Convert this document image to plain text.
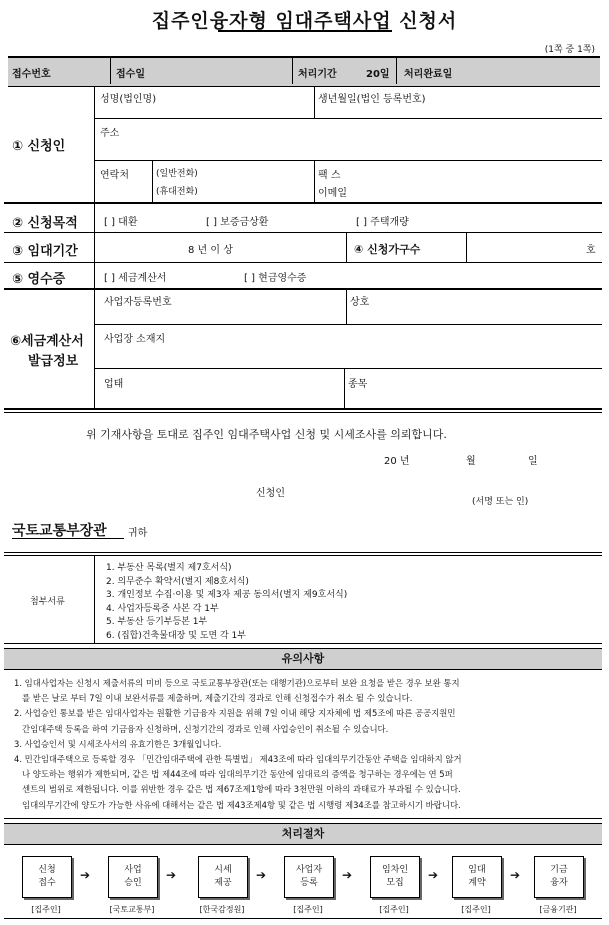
집주인융자형 임대주택사업 신청서
(1쪽 중 1쪽)
접수번호	접수일	처리기간	20일 처리완료일
① 신청인
성명(법인명)	생년월일(법인 등록번호)
주소
연락처	(일반전화)
(휴대전화)
팩 스
이메일
② 신청목적	[ ] 대환	[ ] 보증금상환	[ ] 주택개량
③ 임대기간	8 년 이 상	④ 신청가구수	호
⑤ 영수증	[ ] 세금계산서	[ ] 현금영수증
⑥세금계산서
발급정보
사업자등록번호	상호
사업장 소재지
업태	종목
위 기재사항을 토대로 집주인 임대주택사업 신청 및 시세조사를 의뢰합니다.
20 년	월	일
신청인
(서명 또는 인)
국토교통부장관 귀하
첨부서류
1. 부동산 목록(별지 제7호서식)
2. 의무준수 확약서(별지 제8호서식)
3. 개인정보 수집·이용 및 제3자 제공 동의서(별지 제9호서식)
4. 사업자등록증 사본 각 1부
5. 부동산 등기부등본 1부
6. (집합)건축물대장 및 도면 각 1부
유의사항
1. 임대사업자는 신청시 제출서류의 미비 등으로 국토교통부장관(또는 대행기관)으로부터 보완 요청을 받은 경우 보완 통지
를 받은 날로 부터 7일 이내 보완서류를 제출하며, 제출기간의 경과로 인해 신청접수가 취소 될 수 있습니다.
2. 사업승인 통보를 받은 임대사업자는 원활한 기금융자 지원을 위해 7일 이내 해당 지자체에 법 제5조에 따른 공공지원민
간임대주택 등록을 하여 기금융자 신청하며, 신청기간의 경과로 인해 사업승인이 취소될 수 있습니다.
3. 사업승인서 및 시세조사서의 유효기한은 3개월입니다.
4. 민간임대주택으로 등록할 경우 「민간임대주택에 관한 특별법」 제43조에 따라 임대의무기간동안 주택을 임대하지 않거
나 양도하는 행위가 제한되며, 같은 법 제44조에 따라 임대의무기간 동안에 임대료의 증액을 청구하는 경우에는 연 5퍼
센트의 범위로 제한됩니다. 이를 위반한 경우 같은 법 제67조제1항에 따라 3천만원 이하의 과태료가 부과될 수 있습니다.
임대의무기간에 양도가 가능한 사유에 대해서는 같은 법 제43조제4항 및 같은 법 시행령 제34조를 참고하시기 바랍니다.
처리절차
신청
접수
[집주인]
➔	사업
승인
[국토교통부]
➔	시세
제공
[한국감정원]
➔	사업자
등록
[집주인]
➔	임차인
모집
[집주인]
➔	임대
계약
[집주인]
➔	기금
융자
[금융기관]
